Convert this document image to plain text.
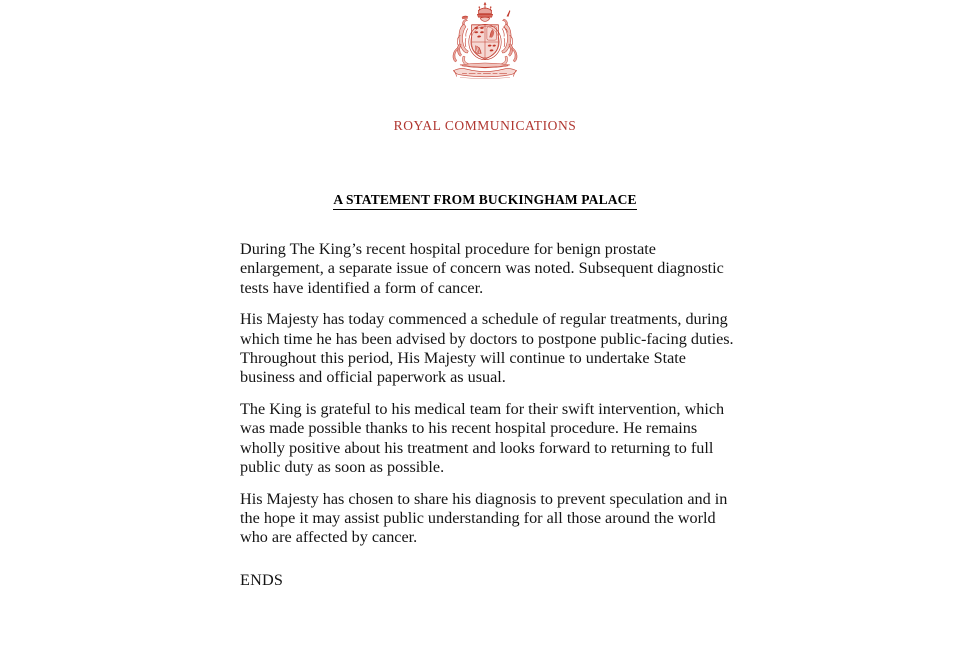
ROYAL COMMUNICATIONS
A STATEMENT FROM BUCKINGHAM PALACE

During The King’s recent hospital procedure for benign prostate enlargement, a separate issue of concern was noted. Subsequent diagnostic tests have identified a form of cancer.

His Majesty has today commenced a schedule of regular treatments, during which time he has been advised by doctors to postpone public-facing duties. Throughout this period, His Majesty will continue to undertake State business and official paperwork as usual.

The King is grateful to his medical team for their swift intervention, which was made possible thanks to his recent hospital procedure. He remains wholly positive about his treatment and looks forward to returning to full public duty as soon as possible.

His Majesty has chosen to share his diagnosis to prevent speculation and in the hope it may assist public understanding for all those around the world who are affected by cancer.

ENDS
